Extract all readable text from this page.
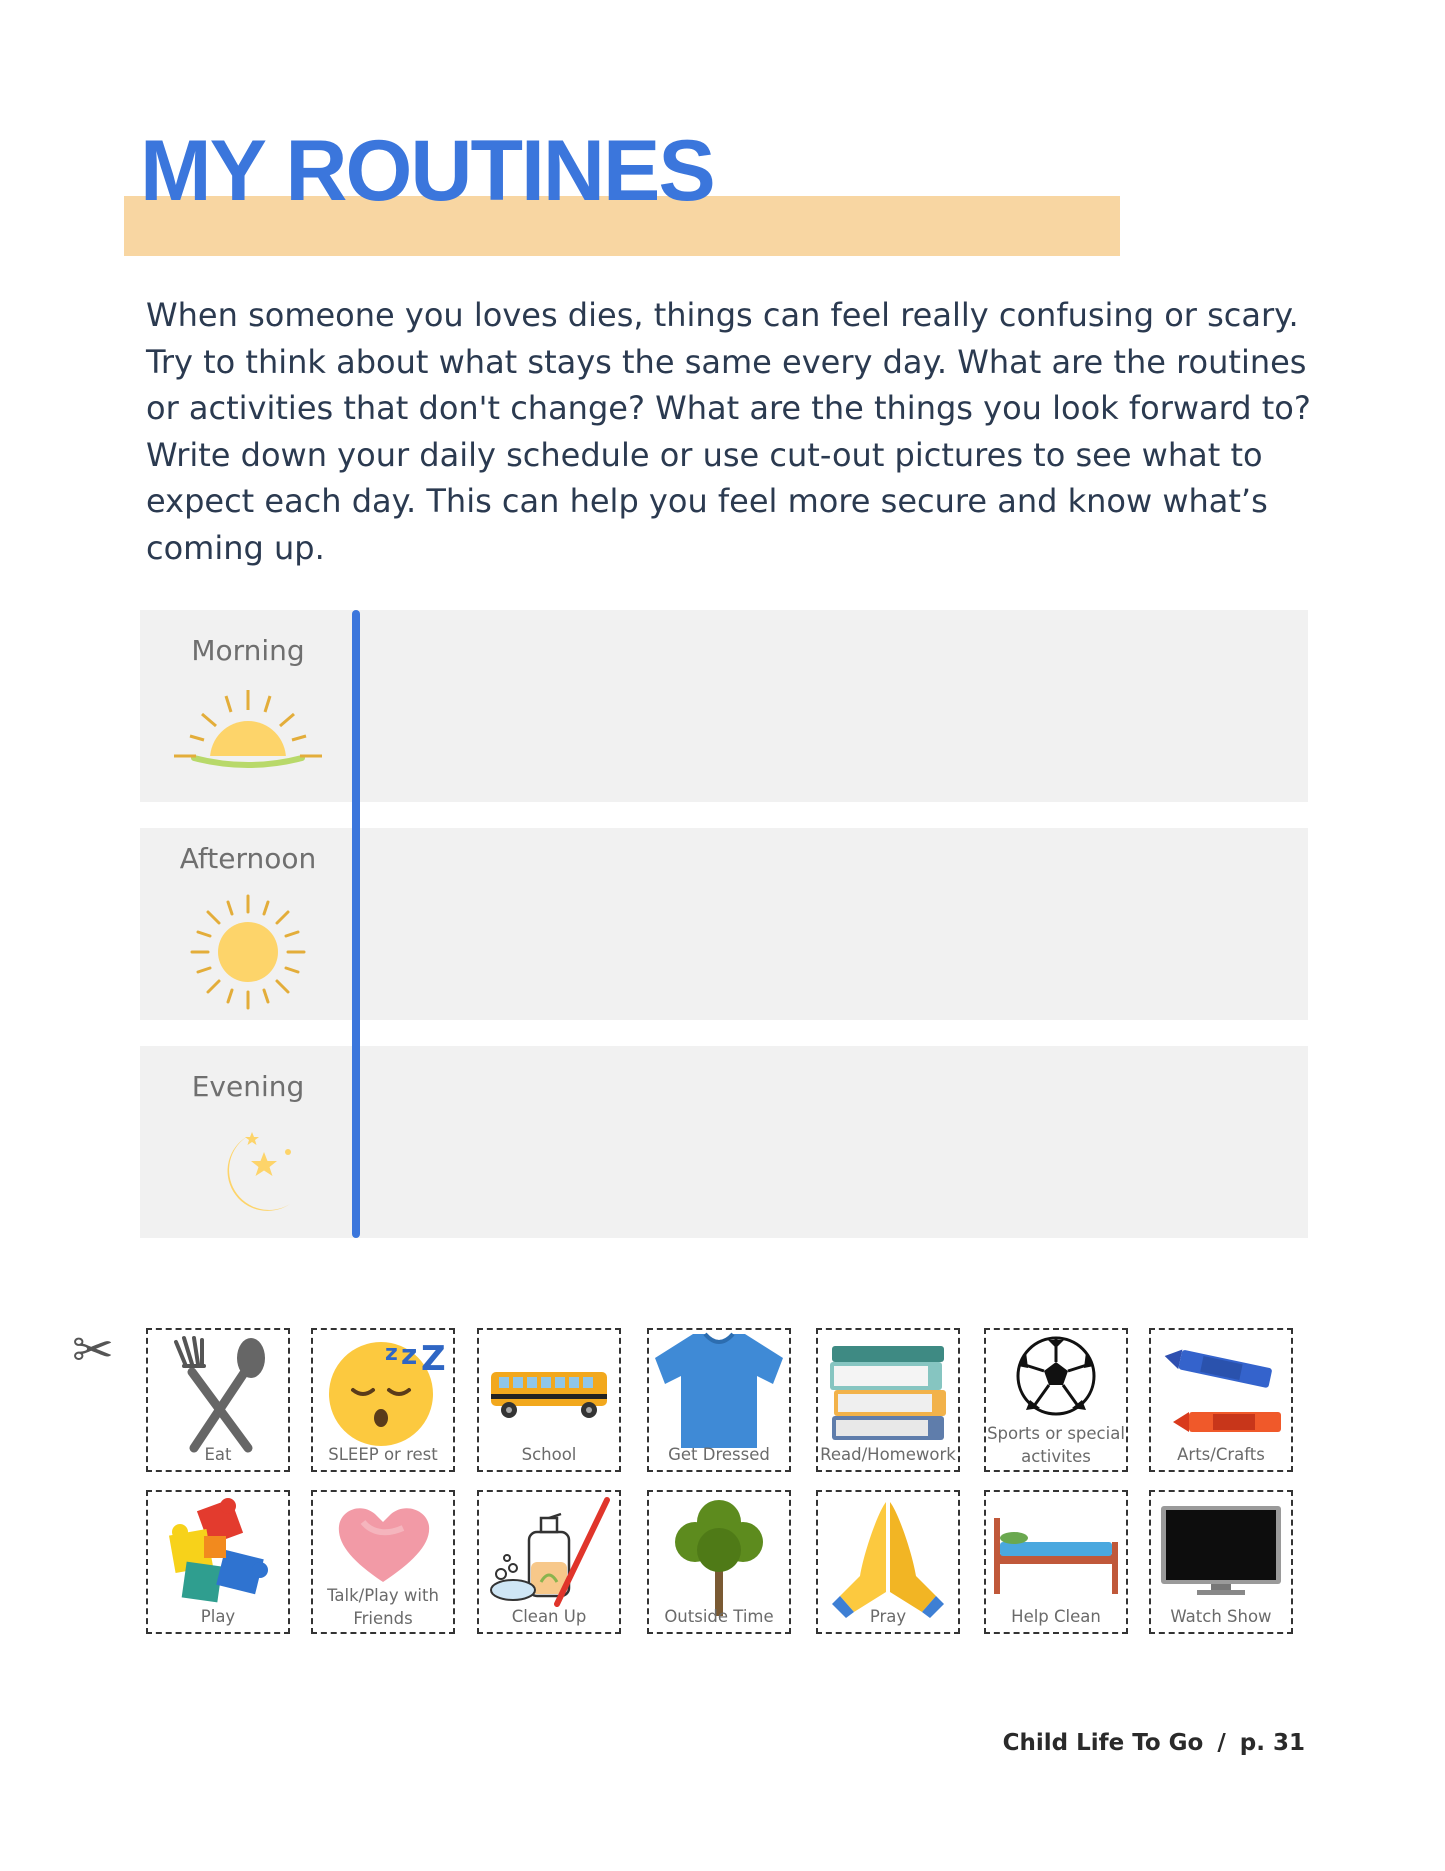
MY ROUTINES

When someone you loves dies, things can feel really confusing or scary. Try to think about what stays the same every day. What are the routines or activities that don't change? What are the things you look forward to? Write down your daily schedule or use cut-out pictures to see what to expect each day. This can help you feel more secure and know what’s coming up.

Morning
Afternoon
Evening
✂
Eat
z z Z
SLEEP or rest	School	Get Dressed	Read/Homework
Sports or special activites	Arts/Crafts
Play
Talk/Play with Friends	Clean Up	Outside Time	Pray	Help Clean	Watch Show
Child Life To Go / p. 31
